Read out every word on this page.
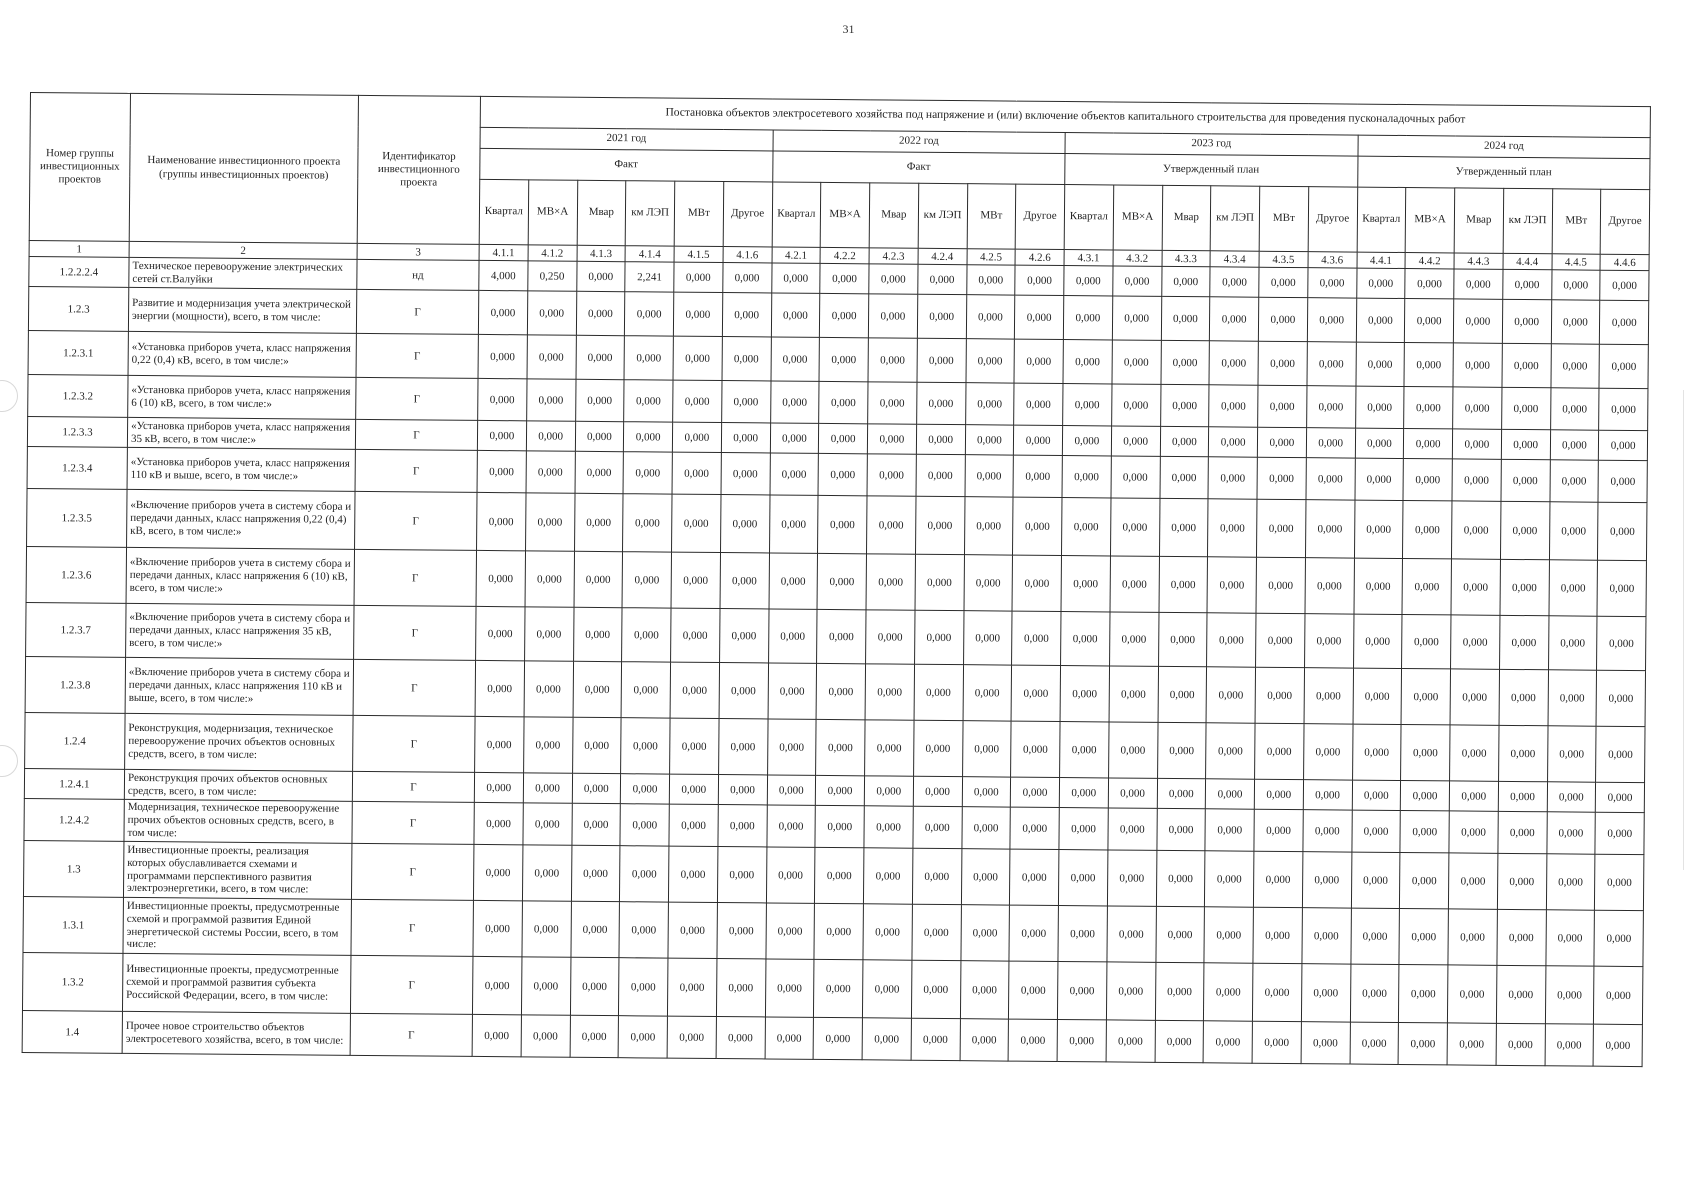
31
Номер группы инвестиционных проектов	Наименование инвестиционного проекта (группы инвестиционных проектов)	Идентификатор инвестиционного проекта	Постановка объектов электросетевого хозяйства под напряжение и (или) включение объектов капитального строительства для проведения пусконаладочных работ																							
			2021 год						2022 год						2023 год						2024 год					
			Факт						Факт						Утвержденный план						Утвержденный план					
			Квартал	МВ×А	Мвар	км ЛЭП	МВт	Другое	Квартал	МВ×А	Мвар	км ЛЭП	МВт	Другое	Квартал	МВ×А	Мвар	км ЛЭП	МВт	Другое	Квартал	МВ×А	Мвар	км ЛЭП	МВт	Другое
1	2	3	4.1.1	4.1.2	4.1.3	4.1.4	4.1.5	4.1.6	4.2.1	4.2.2	4.2.3	4.2.4	4.2.5	4.2.6	4.3.1	4.3.2	4.3.3	4.3.4	4.3.5	4.3.6	4.4.1	4.4.2	4.4.3	4.4.4	4.4.5	4.4.6
1.2.2.2.4	Техническое перевооружение электрических сетей ст.Валуйки	нд	4,000	0,250	0,000	2,241	0,000	0,000	0,000	0,000	0,000	0,000	0,000	0,000	0,000	0,000	0,000	0,000	0,000	0,000	0,000	0,000	0,000	0,000	0,000	0,000
1.2.3	Развитие и модернизация учета электрической энергии (мощности), всего, в том числе:	Г	0,000	0,000	0,000	0,000	0,000	0,000	0,000	0,000	0,000	0,000	0,000	0,000	0,000	0,000	0,000	0,000	0,000	0,000	0,000	0,000	0,000	0,000	0,000	0,000
1.2.3.1	«Установка приборов учета, класс напряжения 0,22 (0,4) кВ, всего, в том числе:»	Г	0,000	0,000	0,000	0,000	0,000	0,000	0,000	0,000	0,000	0,000	0,000	0,000	0,000	0,000	0,000	0,000	0,000	0,000	0,000	0,000	0,000	0,000	0,000	0,000
1.2.3.2	«Установка приборов учета, класс напряжения 6 (10) кВ, всего, в том числе:»	Г	0,000	0,000	0,000	0,000	0,000	0,000	0,000	0,000	0,000	0,000	0,000	0,000	0,000	0,000	0,000	0,000	0,000	0,000	0,000	0,000	0,000	0,000	0,000	0,000
1.2.3.3	«Установка приборов учета, класс напряжения 35 кВ, всего, в том числе:»	Г	0,000	0,000	0,000	0,000	0,000	0,000	0,000	0,000	0,000	0,000	0,000	0,000	0,000	0,000	0,000	0,000	0,000	0,000	0,000	0,000	0,000	0,000	0,000	0,000
1.2.3.4	«Установка приборов учета, класс напряжения 110 кВ и выше, всего, в том числе:»	Г	0,000	0,000	0,000	0,000	0,000	0,000	0,000	0,000	0,000	0,000	0,000	0,000	0,000	0,000	0,000	0,000	0,000	0,000	0,000	0,000	0,000	0,000	0,000	0,000
1.2.3.5	«Включение приборов учета в систему сбора и передачи данных, класс напряжения 0,22 (0,4) кВ, всего, в том числе:»	Г	0,000	0,000	0,000	0,000	0,000	0,000	0,000	0,000	0,000	0,000	0,000	0,000	0,000	0,000	0,000	0,000	0,000	0,000	0,000	0,000	0,000	0,000	0,000	0,000
1.2.3.6	«Включение приборов учета в систему сбора и передачи данных, класс напряжения 6 (10) кВ, всего, в том числе:»	Г	0,000	0,000	0,000	0,000	0,000	0,000	0,000	0,000	0,000	0,000	0,000	0,000	0,000	0,000	0,000	0,000	0,000	0,000	0,000	0,000	0,000	0,000	0,000	0,000
1.2.3.7	«Включение приборов учета в систему сбора и передачи данных, класс напряжения 35 кВ, всего, в том числе:»	Г	0,000	0,000	0,000	0,000	0,000	0,000	0,000	0,000	0,000	0,000	0,000	0,000	0,000	0,000	0,000	0,000	0,000	0,000	0,000	0,000	0,000	0,000	0,000	0,000
1.2.3.8	«Включение приборов учета в систему сбора и передачи данных, класс напряжения 110 кВ и выше, всего, в том числе:»	Г	0,000	0,000	0,000	0,000	0,000	0,000	0,000	0,000	0,000	0,000	0,000	0,000	0,000	0,000	0,000	0,000	0,000	0,000	0,000	0,000	0,000	0,000	0,000	0,000
1.2.4	Реконструкция, модернизация, техническое перевооружение прочих объектов основных средств, всего, в том числе:	Г	0,000	0,000	0,000	0,000	0,000	0,000	0,000	0,000	0,000	0,000	0,000	0,000	0,000	0,000	0,000	0,000	0,000	0,000	0,000	0,000	0,000	0,000	0,000	0,000
1.2.4.1	Реконструкция прочих объектов основных средств, всего, в том числе:	Г	0,000	0,000	0,000	0,000	0,000	0,000	0,000	0,000	0,000	0,000	0,000	0,000	0,000	0,000	0,000	0,000	0,000	0,000	0,000	0,000	0,000	0,000	0,000	0,000
1.2.4.2	Модернизация, техническое перевооружение прочих объектов основных средств, всего, в том числе:	Г	0,000	0,000	0,000	0,000	0,000	0,000	0,000	0,000	0,000	0,000	0,000	0,000	0,000	0,000	0,000	0,000	0,000	0,000	0,000	0,000	0,000	0,000	0,000	0,000
1.3	Инвестиционные проекты, реализация которых обуславливается схемами и программами перспективного развития электроэнергетики, всего, в том числе:	Г	0,000	0,000	0,000	0,000	0,000	0,000	0,000	0,000	0,000	0,000	0,000	0,000	0,000	0,000	0,000	0,000	0,000	0,000	0,000	0,000	0,000	0,000	0,000	0,000
1.3.1	Инвестиционные проекты, предусмотренные схемой и программой развития Единой энергетической системы России, всего, в том числе:	Г	0,000	0,000	0,000	0,000	0,000	0,000	0,000	0,000	0,000	0,000	0,000	0,000	0,000	0,000	0,000	0,000	0,000	0,000	0,000	0,000	0,000	0,000	0,000	0,000
1.3.2	Инвестиционные проекты, предусмотренные схемой и программой развития субъекта Российской Федерации, всего, в том числе:	Г	0,000	0,000	0,000	0,000	0,000	0,000	0,000	0,000	0,000	0,000	0,000	0,000	0,000	0,000	0,000	0,000	0,000	0,000	0,000	0,000	0,000	0,000	0,000	0,000
1.4	Прочее новое строительство объектов электросетевого хозяйства, всего, в том числе:	Г	0,000	0,000	0,000	0,000	0,000	0,000	0,000	0,000	0,000	0,000	0,000	0,000	0,000	0,000	0,000	0,000	0,000	0,000	0,000	0,000	0,000	0,000	0,000	0,000
